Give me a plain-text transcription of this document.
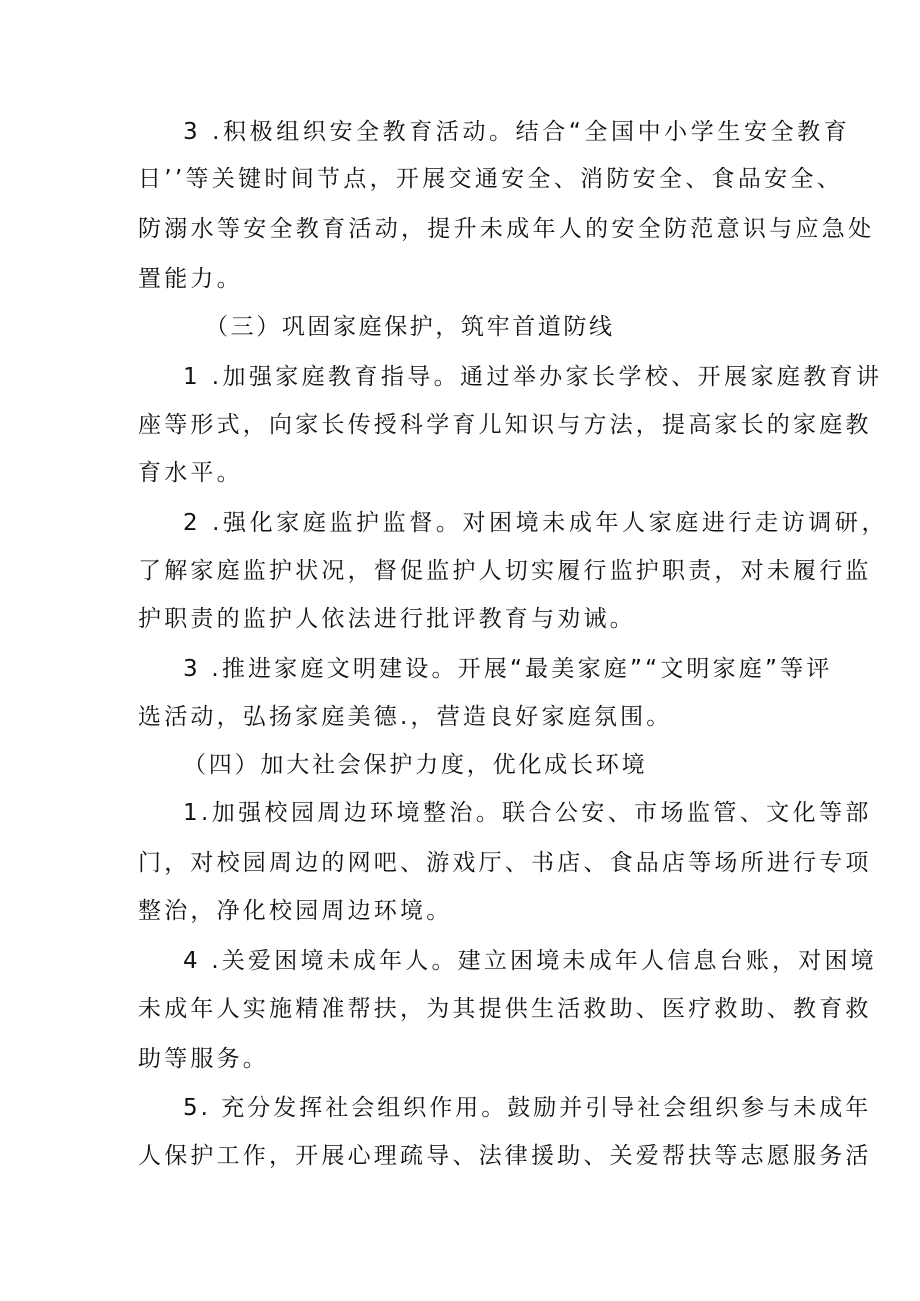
3 .积极组织安全教育活动。结合“全国中小学生安全教育
日’’等关键时间节点，开展交通安全、消防安全、食品安全、
防溺水等安全教育活动，提升未成年人的安全防范意识与应急处
置能力。
（三）巩固家庭保护，筑牢首道防线
1 .加强家庭教育指导。通过举办家长学校、开展家庭教育讲
座等形式，向家长传授科学育儿知识与方法，提高家长的家庭教
育水平。
2 .强化家庭监护监督。对困境未成年人家庭进行走访调研，
了解家庭监护状况，督促监护人切实履行监护职责，对未履行监
护职责的监护人依法进行批评教育与劝诫。
3 .推进家庭文明建设。开展“最美家庭”“文明家庭”等评
选活动，弘扬家庭美德.，营造良好家庭氛围。
（四）加大社会保护力度，优化成长环境
1.加强校园周边环境整治。联合公安、市场监管、文化等部
门，对校园周边的网吧、游戏厅、书店、食品店等场所进行专项
整治，净化校园周边环境。
4 .关爱困境未成年人。建立困境未成年人信息台账，对困境
未成年人实施精准帮扶，为其提供生活救助、医疗救助、教育救
助等服务。
5. 充分发挥社会组织作用。鼓励并引导社会组织参与未成年
人保护工作，开展心理疏导、法律援助、关爱帮扶等志愿服务活
